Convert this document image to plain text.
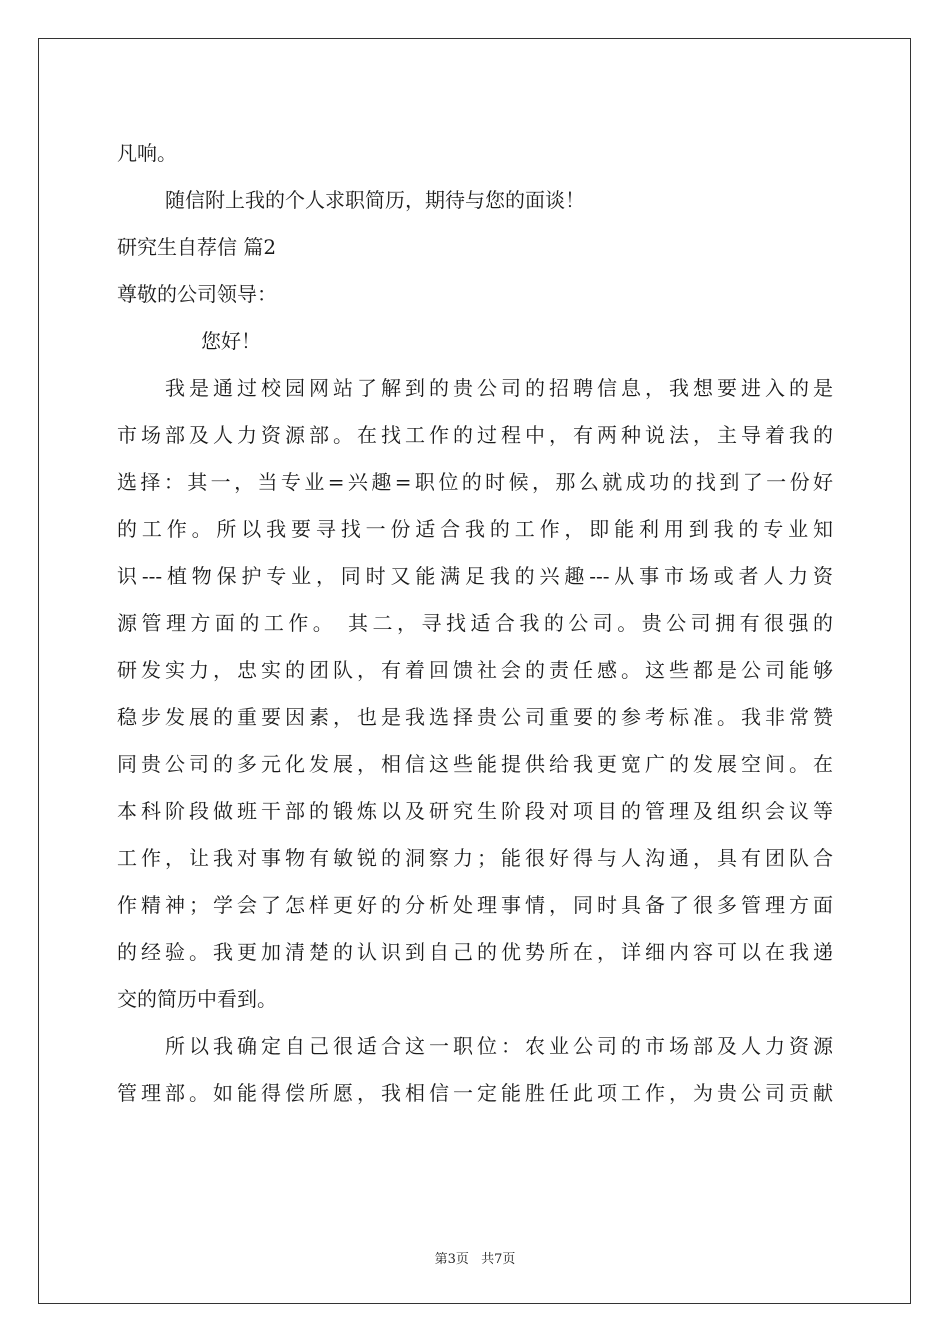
凡响。
随信附上我的个人求职简历，期待与您的面谈！
研究生自荐信 篇2
尊敬的公司领导：
您好！
我是通过校园网站了解到的贵公司的招聘信息，我想要进入的是
市场部及人力资源部。在找工作的过程中，有两种说法，主导着我的
选择：其一，当专业=兴趣=职位的时候，那么就成功的找到了一份好
的工作。所以我要寻找一份适合我的工作，即能利用到我的专业知
识---植物保护专业，同时又能满足我的兴趣---从事市场或者人力资
源管理方面的工作。 其二，寻找适合我的公司。贵公司拥有很强的
研发实力，忠实的团队，有着回馈社会的责任感。这些都是公司能够
稳步发展的重要因素，也是我选择贵公司重要的参考标准。我非常赞
同贵公司的多元化发展，相信这些能提供给我更宽广的发展空间。在
本科阶段做班干部的锻炼以及研究生阶段对项目的管理及组织会议等
工作，让我对事物有敏锐的洞察力；能很好得与人沟通，具有团队合
作精神；学会了怎样更好的分析处理事情，同时具备了很多管理方面
的经验。我更加清楚的认识到自己的优势所在，详细内容可以在我递
交的简历中看到。
所以我确定自己很适合这一职位：农业公司的市场部及人力资源
管理部。如能得偿所愿，我相信一定能胜任此项工作，为贵公司贡献
第3页 共7页
